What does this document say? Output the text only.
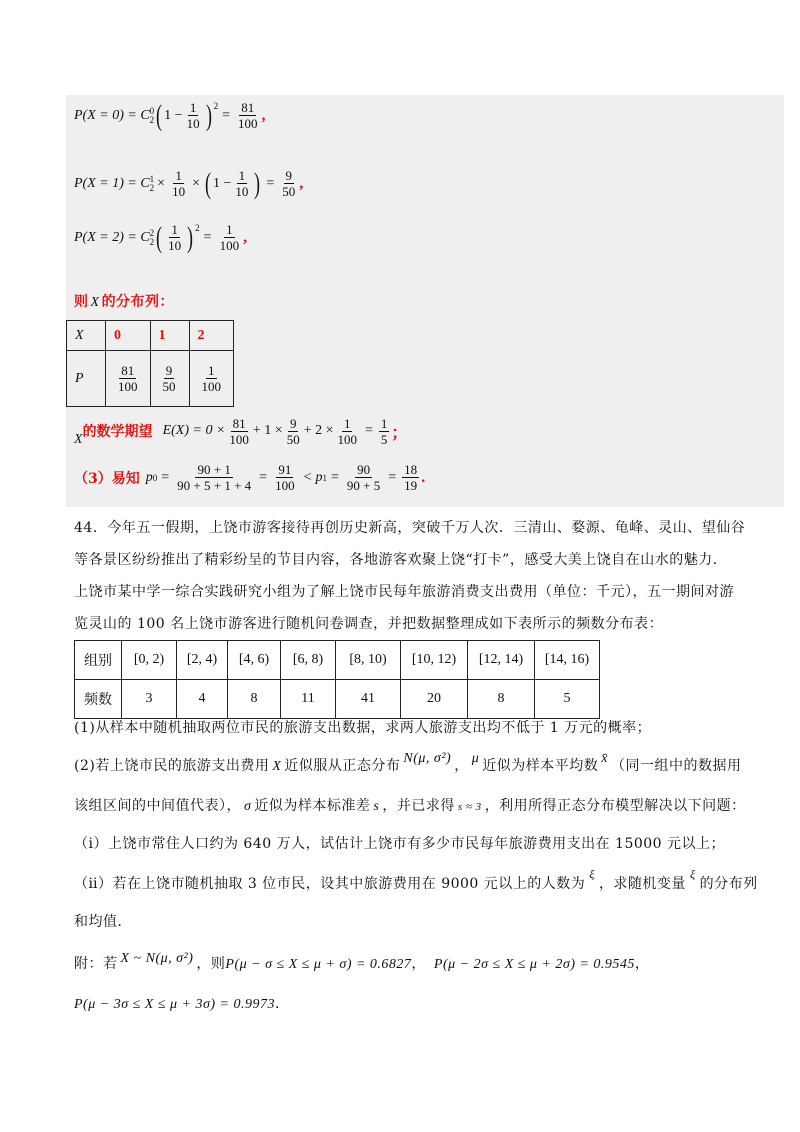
P(X = 0) = C 0
2 ( $1 - \frac{1}{10}$ ) 2
= $\frac{81}{100}$ ,
P(X = 1) = C 1
$2 \times \frac{1}{10}$ × ( $1 - \frac{1}{10}$ ) = $\frac{9}{50}$ ,
P(X = 2) = C 2
2 ( $\frac{1}{10}$ ) 2
= $\frac{1}{100}$ ,
则 X 的分布列：
X	0	1	2
P	$\frac{81}{100}$	$\frac{9}{50}$	$\frac{1}{100}$
X 的数学期望 $E(X) = 0 \times \frac{81}{100} + 1 \times \frac{9}{50} + 2 \times \frac{1}{100} = \frac{1}{5}$ ；
（3）易知 p $0 = \frac{90 + 1}{90 + 5 + 1 + 4} = \frac{91}{100} < p$ $1 = \frac{90}{90 + 5} = \frac{18}{19}$ .
44．今年五一假期，上饶市游客接待再创历史新高，突破千万人次．三清山、婺源、龟峰、灵山、望仙谷
等各景区纷纷推出了精彩纷呈的节目内容，各地游客欢聚上饶“打卡”，感受大美上饶自在山水的魅力．
上饶市某中学一综合实践研究小组为了解上饶市民每年旅游消费支出费用（单位：千元），五一期间对游
览灵山的 100 名上饶市游客进行随机问卷调查，并把数据整理成如下表所示的频数分布表：
组别	[0, 2)	[2, 4)	[4, 6)	[6, 8)	[8, 10)	[10, 12)	[12, 14)	[14, 16)
频数	3	4	8	11	41	20	8	5
(1)从样本中随机抽取两位市民的旅游支出数据，求两人旅游支出均不低于 1 万元的概率；
(2)若上饶市民的旅游支出费用 X 近似服从正态分布 N(μ, σ²) ， μ 近似为样本平均数 x̄ （同一组中的数据用
该组区间的中间值代表）， σ 近似为样本标准差 s ，并已求得 s ≈ 3 ，利用所得正态分布模型解决以下问题：
（ⅰ）上饶市常住人口约为 640 万人，试估计上饶市有多少市民每年旅游费用支出在 15000 元以上；
（ⅱ）若在上饶市随机抽取 3 位市民，设其中旅游费用在 9000 元以上的人数为ξ，求随机变量ξ的分布列
和均值．
附：若 X ~ N(μ, σ²) ，则P(μ − σ ≤ X ≤ μ + σ) = 0.6827， P(μ − 2σ ≤ X ≤ μ + 2σ) = 0.9545，
P(μ − 3σ ≤ X ≤ μ + 3σ) = 0.9973．
